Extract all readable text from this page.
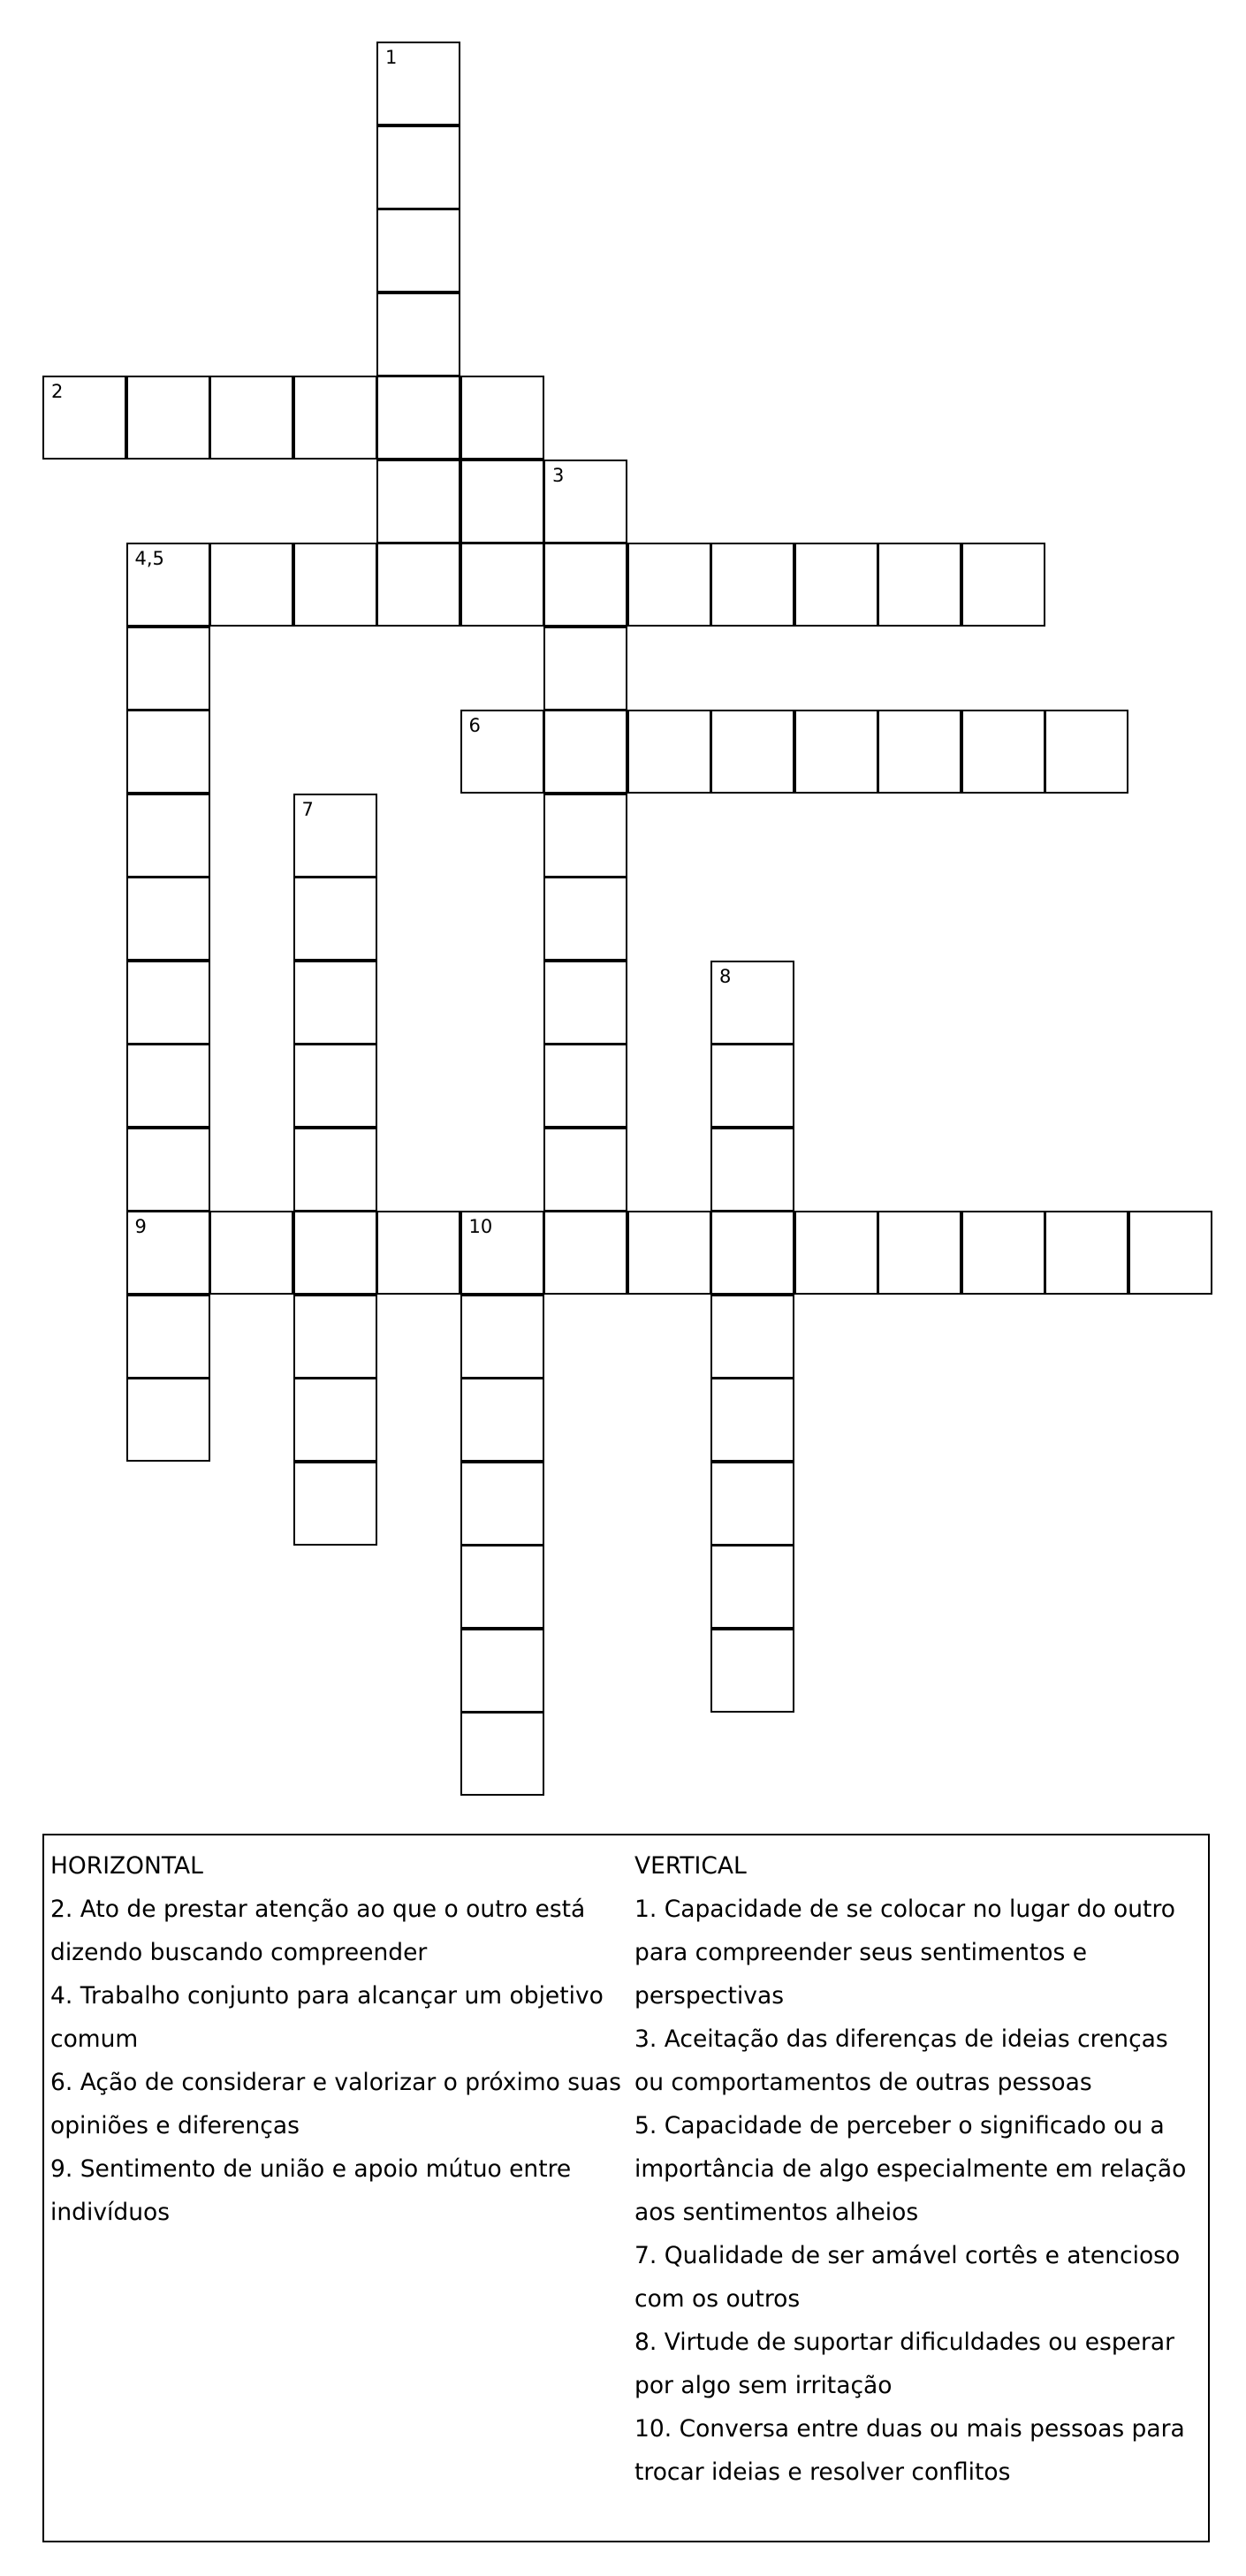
1
2
4,5
9
3
6
7
8
10

HORIZONTAL

2. Ato de prestar atenção ao que o outro está dizendo buscando compreender

4. Trabalho conjunto para alcançar um objetivo comum

6. Ação de considerar e valorizar o próximo suas opiniões e diferenças

9. Sentimento de união e apoio mútuo entre indivíduos

VERTICAL

1. Capacidade de se colocar no lugar do outro para compreender seus sentimentos e perspectivas

3. Aceitação das diferenças de ideias crenças ou comportamentos de outras pessoas

5. Capacidade de perceber o significado ou a importância de algo especialmente em relação aos sentimentos alheios

7. Qualidade de ser amável cortês e atencioso com os outros

8. Virtude de suportar dificuldades ou esperar por algo sem irritação

10. Conversa entre duas ou mais pessoas para trocar ideias e resolver conflitos
